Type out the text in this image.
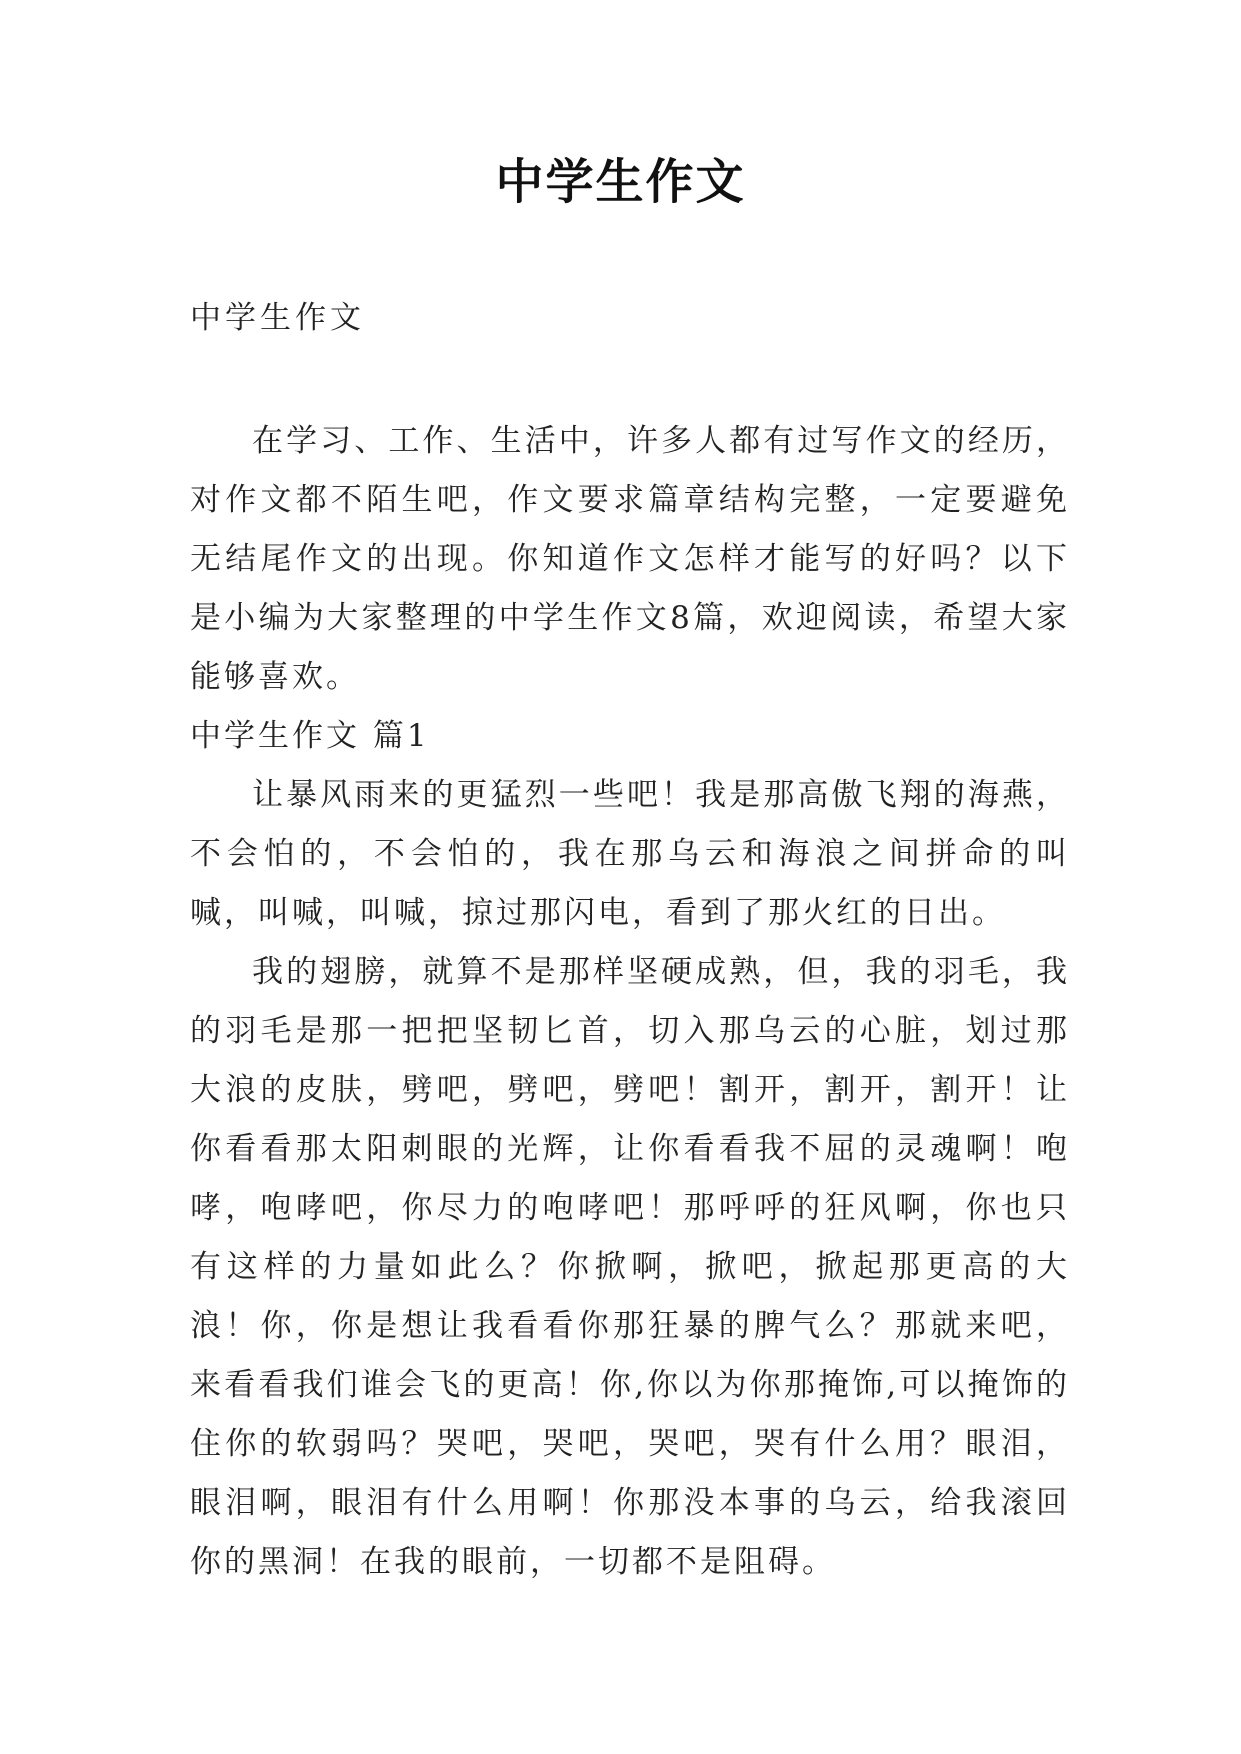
中学生作文

中学生作文

在学习、工作、生活中，许多人都有过写作文的经历，对作文都不陌生吧，作文要求篇章结构完整，一定要避免无结尾作文的出现。你知道作文怎样才能写的好吗？以下是小编为大家整理的中学生作文8篇，欢迎阅读，希望大家能够喜欢。

中学生作文 篇1

让暴风雨来的更猛烈一些吧！我是那高傲飞翔的海燕，不会怕的，不会怕的，我在那乌云和海浪之间拼命的叫喊，叫喊，叫喊，掠过那闪电，看到了那火红的日出。

我的翅膀，就算不是那样坚硬成熟，但，我的羽毛，我的羽毛是那一把把坚韧匕首，切入那乌云的心脏，划过那大浪的皮肤，劈吧，劈吧，劈吧！割开，割开，割开！让你看看那太阳刺眼的光辉，让你看看我不屈的灵魂啊！咆哮，咆哮吧，你尽力的咆哮吧！那呼呼的狂风啊，你也只有这样的力量如此么？你掀啊，掀吧，掀起那更高的大浪！你，你是想让我看看你那狂暴的脾气么？那就来吧，来看看我们谁会飞的更高！你,你以为你那掩饰,可以掩饰的住你的软弱吗？哭吧，哭吧，哭吧，哭有什么用？眼泪，眼泪啊，眼泪有什么用啊！你那没本事的乌云，给我滚回你的黑洞！在我的眼前，一切都不是阻碍。
